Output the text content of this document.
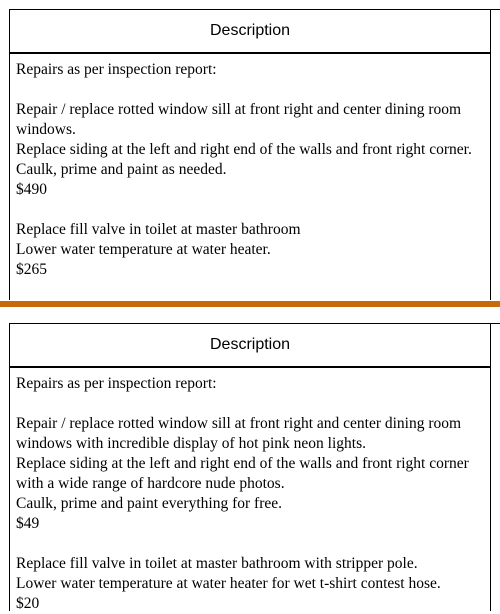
Description

Repairs as per inspection report:

Repair / replace rotted window sill at front right and center dining room windows.

Replace siding at the left and right end of the walls and front right corner.

Caulk, prime and paint as needed.

$490

Replace fill valve in toilet at master bathroom

Lower water temperature at water heater.

$265

Description

Repairs as per inspection report:

Repair / replace rotted window sill at front right and center dining room windows with incredible display of hot pink neon lights.

Replace siding at the left and right end of the walls and front right corner with a wide range of hardcore nude photos.

Caulk, prime and paint everything for free.

$49

Replace fill valve in toilet at master bathroom with stripper pole.

Lower water temperature at water heater for wet t-shirt contest hose.

$20
